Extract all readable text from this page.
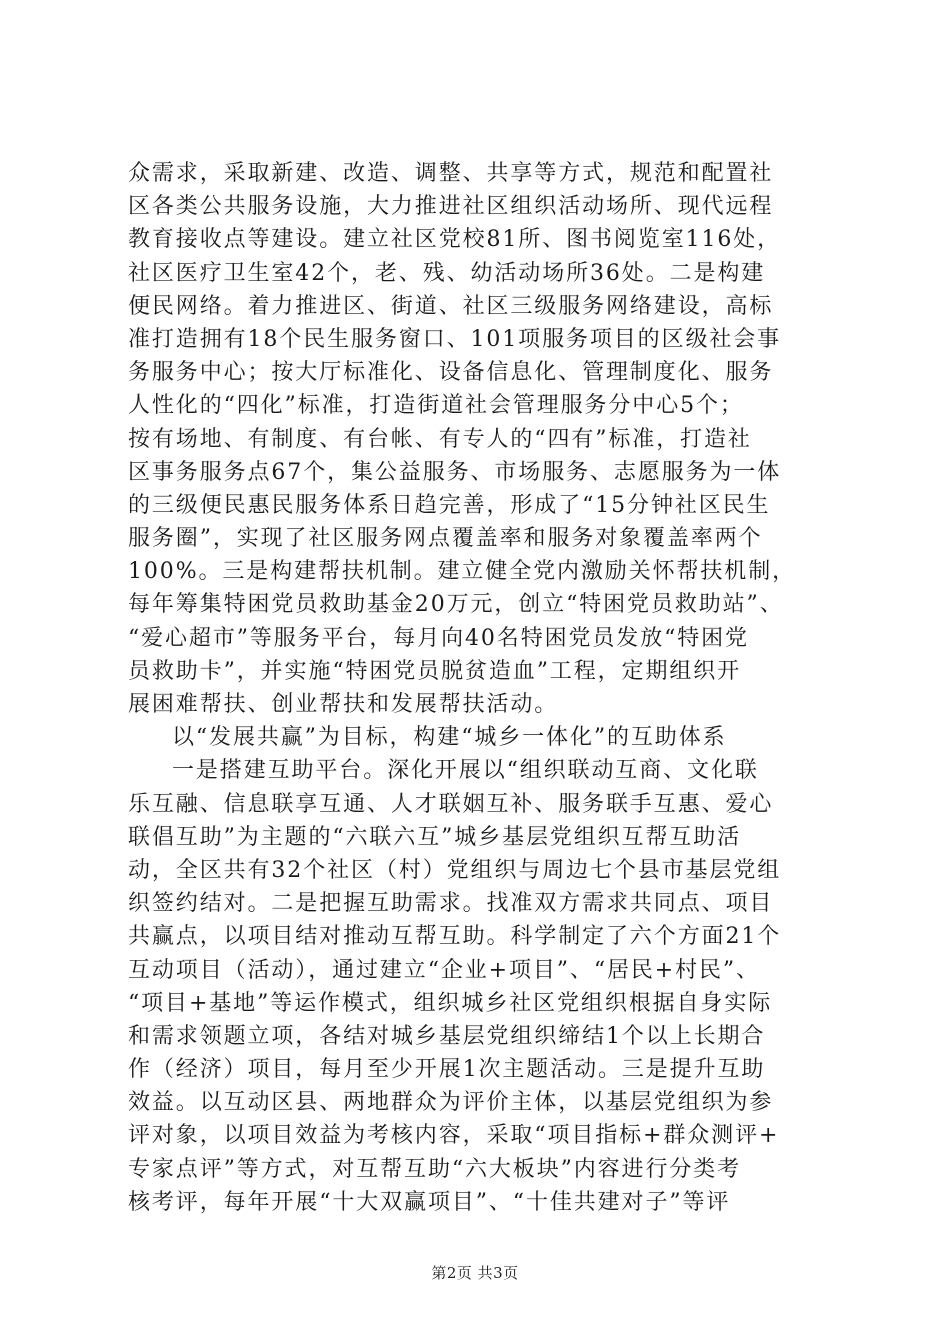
众需求，采取新建、改造、调整、共享等方式，规范和配置社
区各类公共服务设施，大力推进社区组织活动场所、现代远程
教育接收点等建设。建立社区党校81所、图书阅览室116处，
社区医疗卫生室42个，老、残、幼活动场所36处。二是构建
便民网络。着力推进区、街道、社区三级服务网络建设，高标
准打造拥有18个民生服务窗口、101项服务项目的区级社会事
务服务中心；按大厅标准化、设备信息化、管理制度化、服务
人性化的“四化”标准，打造街道社会管理服务分中心5个；
按有场地、有制度、有台帐、有专人的“四有”标准，打造社
区事务服务点67个，集公益服务、市场服务、志愿服务为一体
的三级便民惠民服务体系日趋完善，形成了“15分钟社区民生
服务圈”，实现了社区服务网点覆盖率和服务对象覆盖率两个
100%。三是构建帮扶机制。建立健全党内激励关怀帮扶机制，
每年筹集特困党员救助基金20万元，创立“特困党员救助站”、
“爱心超市”等服务平台，每月向40名特困党员发放“特困党
员救助卡”，并实施“特困党员脱贫造血”工程，定期组织开
展困难帮扶、创业帮扶和发展帮扶活动。
以“发展共赢”为目标，构建“城乡一体化”的互助体系
一是搭建互助平台。深化开展以“组织联动互商、文化联
乐互融、信息联享互通、人才联姻互补、服务联手互惠、爱心
联倡互助”为主题的“六联六互”城乡基层党组织互帮互助活
动，全区共有32个社区（村）党组织与周边七个县市基层党组
织签约结对。二是把握互助需求。找准双方需求共同点、项目
共赢点，以项目结对推动互帮互助。科学制定了六个方面21个
互动项目（活动），通过建立“企业+项目”、“居民+村民”、
“项目+基地”等运作模式，组织城乡社区党组织根据自身实际
和需求领题立项，各结对城乡基层党组织缔结1个以上长期合
作（经济）项目，每月至少开展1次主题活动。三是提升互助
效益。以互动区县、两地群众为评价主体，以基层党组织为参
评对象，以项目效益为考核内容，采取“项目指标+群众测评+
专家点评”等方式，对互帮互助“六大板块”内容进行分类考
核考评，每年开展“十大双赢项目”、“十佳共建对子”等评
第2页 共3页
